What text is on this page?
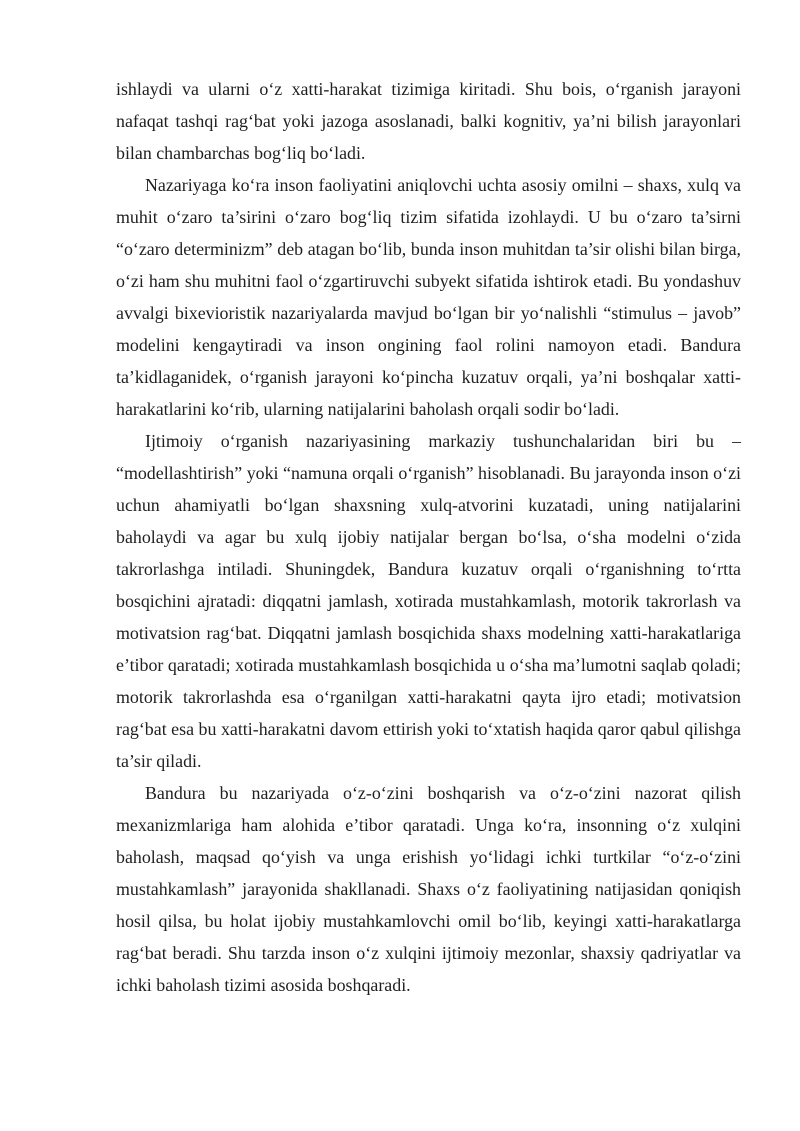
ishlaydi va ularni o‘z xatti-harakat tizimiga kiritadi. Shu bois, o‘rganish jarayoni nafaqat tashqi rag‘bat yoki jazoga asoslanadi, balki kognitiv, ya’ni bilish jarayonlari bilan chambarchas bog‘liq bo‘ladi.

Nazariyaga ko‘ra inson faoliyatini aniqlovchi uchta asosiy omilni – shaxs, xulq va muhit o‘zaro ta’sirini o‘zaro bog‘liq tizim sifatida izohlaydi. U bu o‘zaro ta’sirni “o‘zaro determinizm” deb atagan bo‘lib, bunda inson muhitdan ta’sir olishi bilan birga, o‘zi ham shu muhitni faol o‘zgartiruvchi subyekt sifatida ishtirok etadi. Bu yondashuv avvalgi bixevioristik nazariyalarda mavjud bo‘lgan bir yo‘nalishli “stimulus – javob” modelini kengaytiradi va inson ongining faol rolini namoyon etadi. Bandura ta’kidlaganidek, o‘rganish jarayoni ko‘pincha kuzatuv orqali, ya’ni boshqalar xatti-harakatlarini ko‘rib, ularning natijalarini baholash orqali sodir bo‘ladi.

Ijtimoiy o‘rganish nazariyasining markaziy tushunchalaridan biri bu – “modellashtirish” yoki “namuna orqali o‘rganish” hisoblanadi. Bu jarayonda inson o‘zi uchun ahamiyatli bo‘lgan shaxsning xulq-atvorini kuzatadi, uning natijalarini baholaydi va agar bu xulq ijobiy natijalar bergan bo‘lsa, o‘sha modelni o‘zida takrorlashga intiladi. Shuningdek, Bandura kuzatuv orqali o‘rganishning to‘rtta bosqichini ajratadi: diqqatni jamlash, xotirada mustahkamlash, motorik takrorlash va motivatsion rag‘bat. Diqqatni jamlash bosqichida shaxs modelning xatti-harakatlariga e’tibor qaratadi; xotirada mustahkamlash bosqichida u o‘sha ma’lumotni saqlab qoladi; motorik takrorlashda esa o‘rganilgan xatti-harakatni qayta ijro etadi; motivatsion rag‘bat esa bu xatti-harakatni davom ettirish yoki to‘xtatish haqida qaror qabul qilishga ta’sir qiladi.

Bandura bu nazariyada o‘z-o‘zini boshqarish va o‘z-o‘zini nazorat qilish mexanizmlariga ham alohida e’tibor qaratadi. Unga ko‘ra, insonning o‘z xulqini baholash, maqsad qo‘yish va unga erishish yo‘lidagi ichki turtkilar “o‘z-o‘zini mustahkamlash” jarayonida shakllanadi. Shaxs o‘z faoliyatining natijasidan qoniqish hosil qilsa, bu holat ijobiy mustahkamlovchi omil bo‘lib, keyingi xatti-harakatlarga rag‘bat beradi. Shu tarzda inson o‘z xulqini ijtimoiy mezonlar, shaxsiy qadriyatlar va ichki baholash tizimi asosida boshqaradi.
